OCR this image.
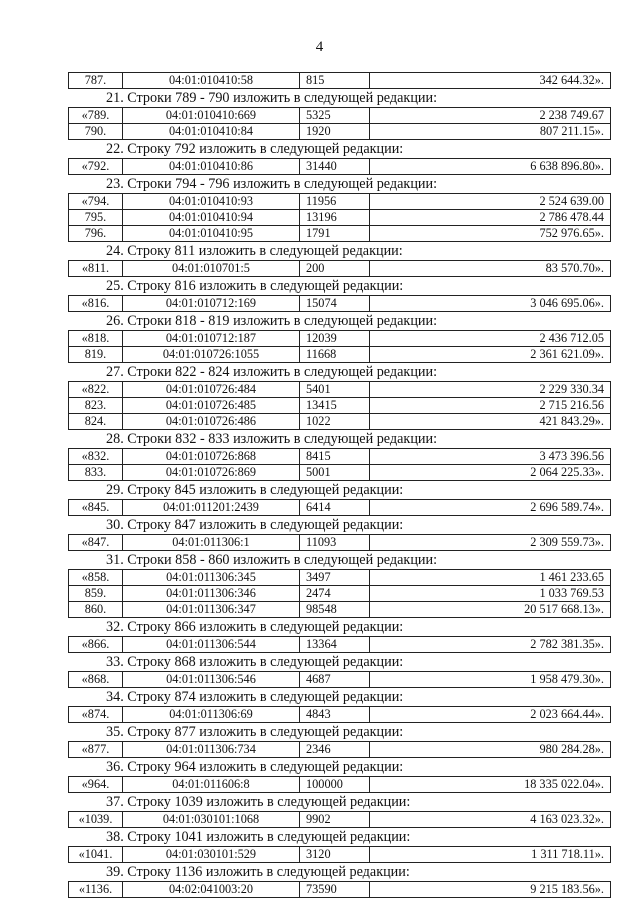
4
787.	04:01:010410:58	815	342 644.32».
21. Строки 789 - 790 изложить в следующей редакции:
«789.	04:01:010410:669	5325	2 238 749.67
790.	04:01:010410:84	1920	807 211.15».
22. Строку 792 изложить в следующей редакции:
«792.	04:01:010410:86	31440	6 638 896.80».
23. Строки 794 - 796 изложить в следующей редакции:
«794.	04:01:010410:93	11956	2 524 639.00
795.	04:01:010410:94	13196	2 786 478.44
796.	04:01:010410:95	1791	752 976.65».
24. Строку 811 изложить в следующей редакции:
«811.	04:01:010701:5	200	83 570.70».
25. Строку 816 изложить в следующей редакции:
«816.	04:01:010712:169	15074	3 046 695.06».
26. Строки 818 - 819 изложить в следующей редакции:
«818.	04:01:010712:187	12039	2 436 712.05
819.	04:01:010726:1055	11668	2 361 621.09».
27. Строки 822 - 824 изложить в следующей редакции:
«822.	04:01:010726:484	5401	2 229 330.34
823.	04:01:010726:485	13415	2 715 216.56
824.	04:01:010726:486	1022	421 843.29».
28. Строки 832 - 833 изложить в следующей редакции:
«832.	04:01:010726:868	8415	3 473 396.56
833.	04:01:010726:869	5001	2 064 225.33».
29. Строку 845 изложить в следующей редакции:
«845.	04:01:011201:2439	6414	2 696 589.74».
30. Строку 847 изложить в следующей редакции:
«847.	04:01:011306:1	11093	2 309 559.73».
31. Строки 858 - 860 изложить в следующей редакции:
«858.	04:01:011306:345	3497	1 461 233.65
859.	04:01:011306:346	2474	1 033 769.53
860.	04:01:011306:347	98548	20 517 668.13».
32. Строку 866 изложить в следующей редакции:
«866.	04:01:011306:544	13364	2 782 381.35».
33. Строку 868 изложить в следующей редакции:
«868.	04:01:011306:546	4687	1 958 479.30».
34. Строку 874 изложить в следующей редакции:
«874.	04:01:011306:69	4843	2 023 664.44».
35. Строку 877 изложить в следующей редакции:
«877.	04:01:011306:734	2346	980 284.28».
36. Строку 964 изложить в следующей редакции:
«964.	04:01:011606:8	100000	18 335 022.04».
37. Строку 1039 изложить в следующей редакции:
«1039.	04:01:030101:1068	9902	4 163 023.32».
38. Строку 1041 изложить в следующей редакции:
«1041.	04:01:030101:529	3120	1 311 718.11».
39. Строку 1136 изложить в следующей редакции:
«1136.	04:02:041003:20	73590	9 215 183.56».
